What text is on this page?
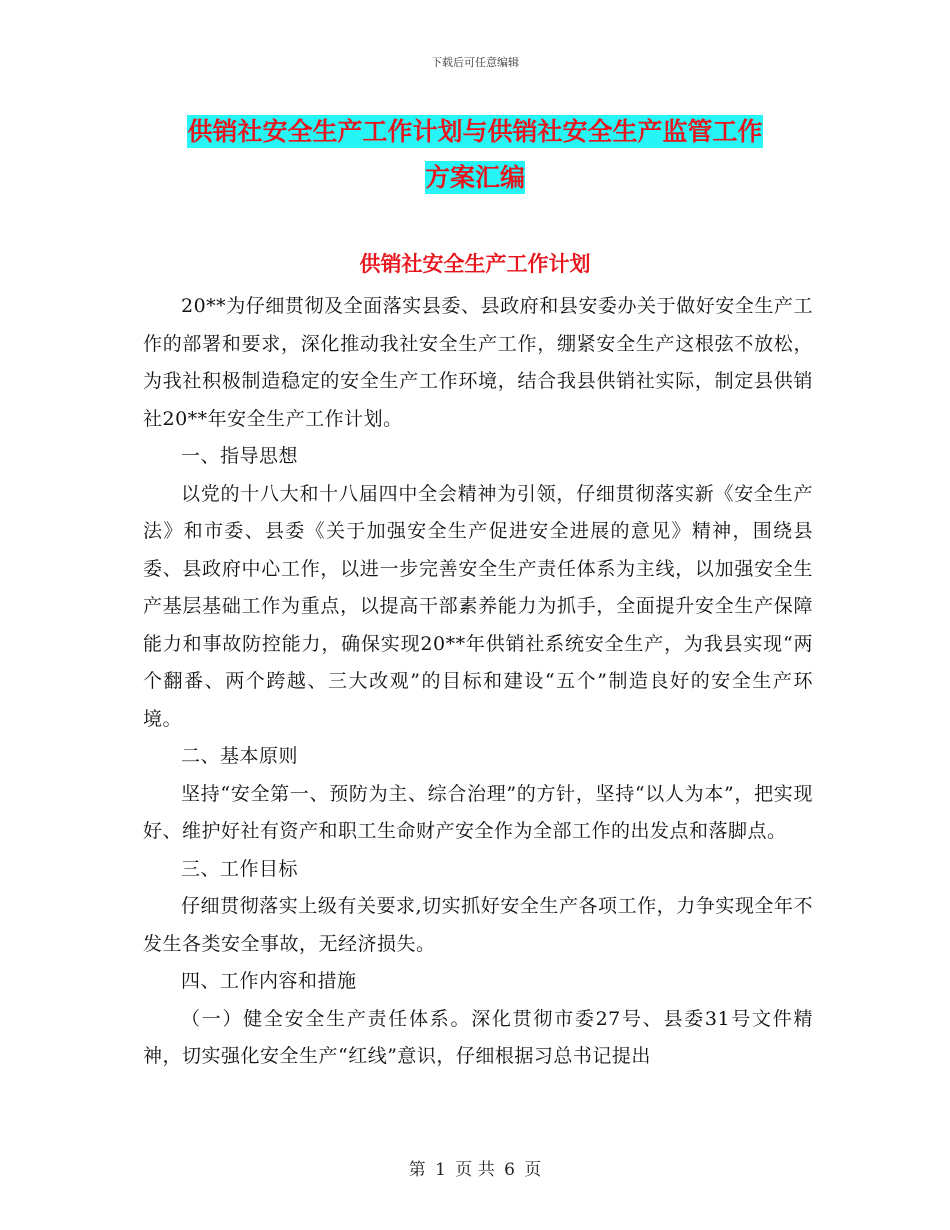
下载后可任意编辑
供销社安全生产工作计划与供销社安全生产监管工作
方案汇编
供销社安全生产工作计划

20**为仔细贯彻及全面落实县委、县政府和县安委办关于做好安全生产工作的部署和要求，深化推动我社安全生产工作，绷紧安全生产这根弦不放松，为我社积极制造稳定的安全生产工作环境，结合我县供销社实际，制定县供销社20**年安全生产工作计划。

一、指导思想

以党的十八大和十八届四中全会精神为引领，仔细贯彻落实新《安全生产法》和市委、县委《关于加强安全生产促进安全进展的意见》精神，围绕县委、县政府中心工作，以进一步完善安全生产责任体系为主线，以加强安全生产基层基础工作为重点，以提高干部素养能力为抓手，全面提升安全生产保障能力和事故防控能力，确保实现20**年供销社系统安全生产，为我县实现“两个翻番、两个跨越、三大改观”的目标和建设“五个”制造良好的安全生产环境。

二、基本原则

坚持“安全第一、预防为主、综合治理”的方针，坚持“以人为本”，把实现好、维护好社有资产和职工生命财产安全作为全部工作的出发点和落脚点。

三、工作目标

仔细贯彻落实上级有关要求,切实抓好安全生产各项工作，力争实现全年不发生各类安全事故，无经济损失。

四、工作内容和措施

（一）健全安全生产责任体系。深化贯彻市委27号、县委31号文件精神，切实强化安全生产“红线”意识，仔细根据习总书记提出

第 1 页 共 6 页
